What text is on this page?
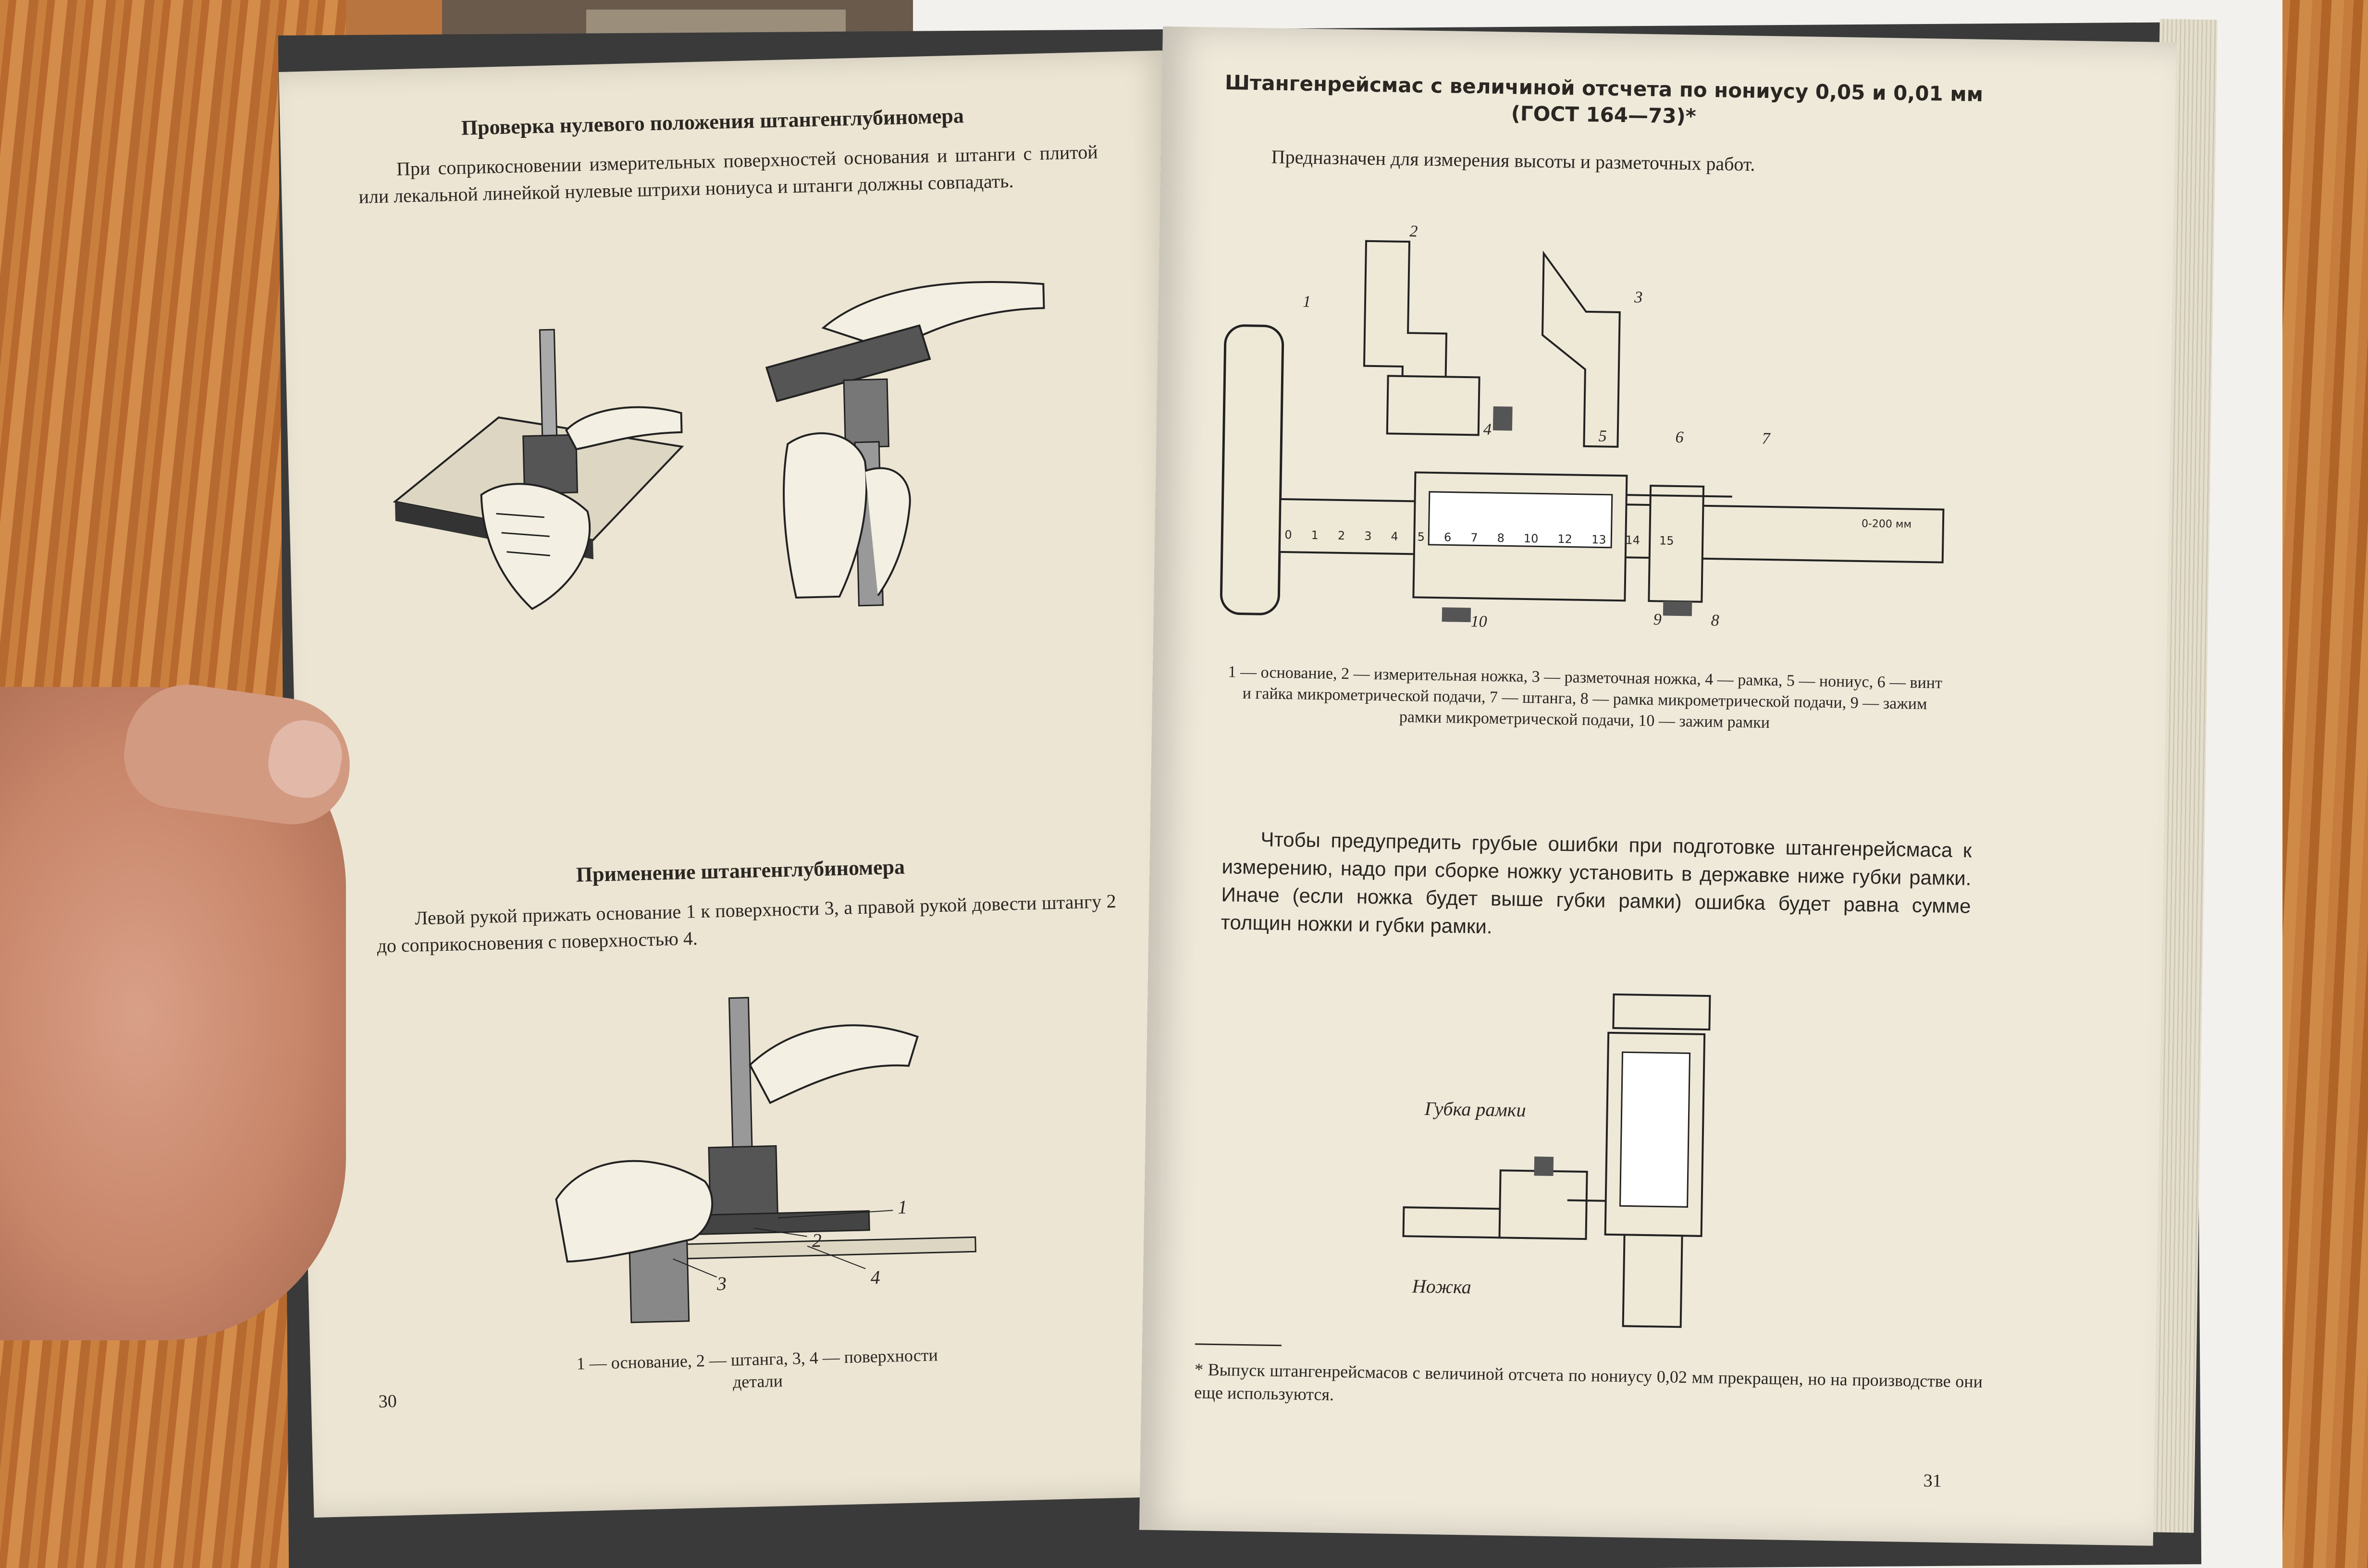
Проверка нулевого положения штангенглубиномера
При соприкосновении измерительных поверхностей основания и штанги с плитой или лекальной линейкой нулевые штрихи нониуса и штанги должны совпадать.
Применение штангенглубиномера
Левой рукой прижать основание 1 к поверхности 3, а правой рукой довести штангу 2 до соприкосновения с поверхностью 4.
1
2
3	4
1 — основание, 2 — штанга, 3, 4 — поверхности детали
30
Штангенрейсмас с величиной отсчета по нониусу 0,05 и 0,01 мм
(ГОСТ 164—73)*
Предназначен для измерения высоты и разметочных работ.
1
2
3
4	5	6	7
8
9
10
0-200 мм
0 1 2 3 4 5 6 7 8 10 12 13 14 15
1 — основание, 2 — измерительная ножка, 3 — разметочная ножка, 4 — рамка, 5 — нониус, 6 — винт и гайка микрометрической подачи, 7 — штанга, 8 — рамка микрометрической подачи, 9 — зажим рамки микрометрической подачи, 10 — зажим рамки
Чтобы предупредить грубые ошибки при подготовке штангенрейсмаса к измерению, надо при сборке ножку установить в державке ниже губки рамки. Иначе (если ножка будет выше губки рамки) ошибка будет равна сумме толщин ножки и губки рамки.
Губка рамки
Ножка
* Выпуск штангенрейсмасов с величиной отсчета по нониусу 0,02 мм прекращен, но на производстве они еще используются.
31
